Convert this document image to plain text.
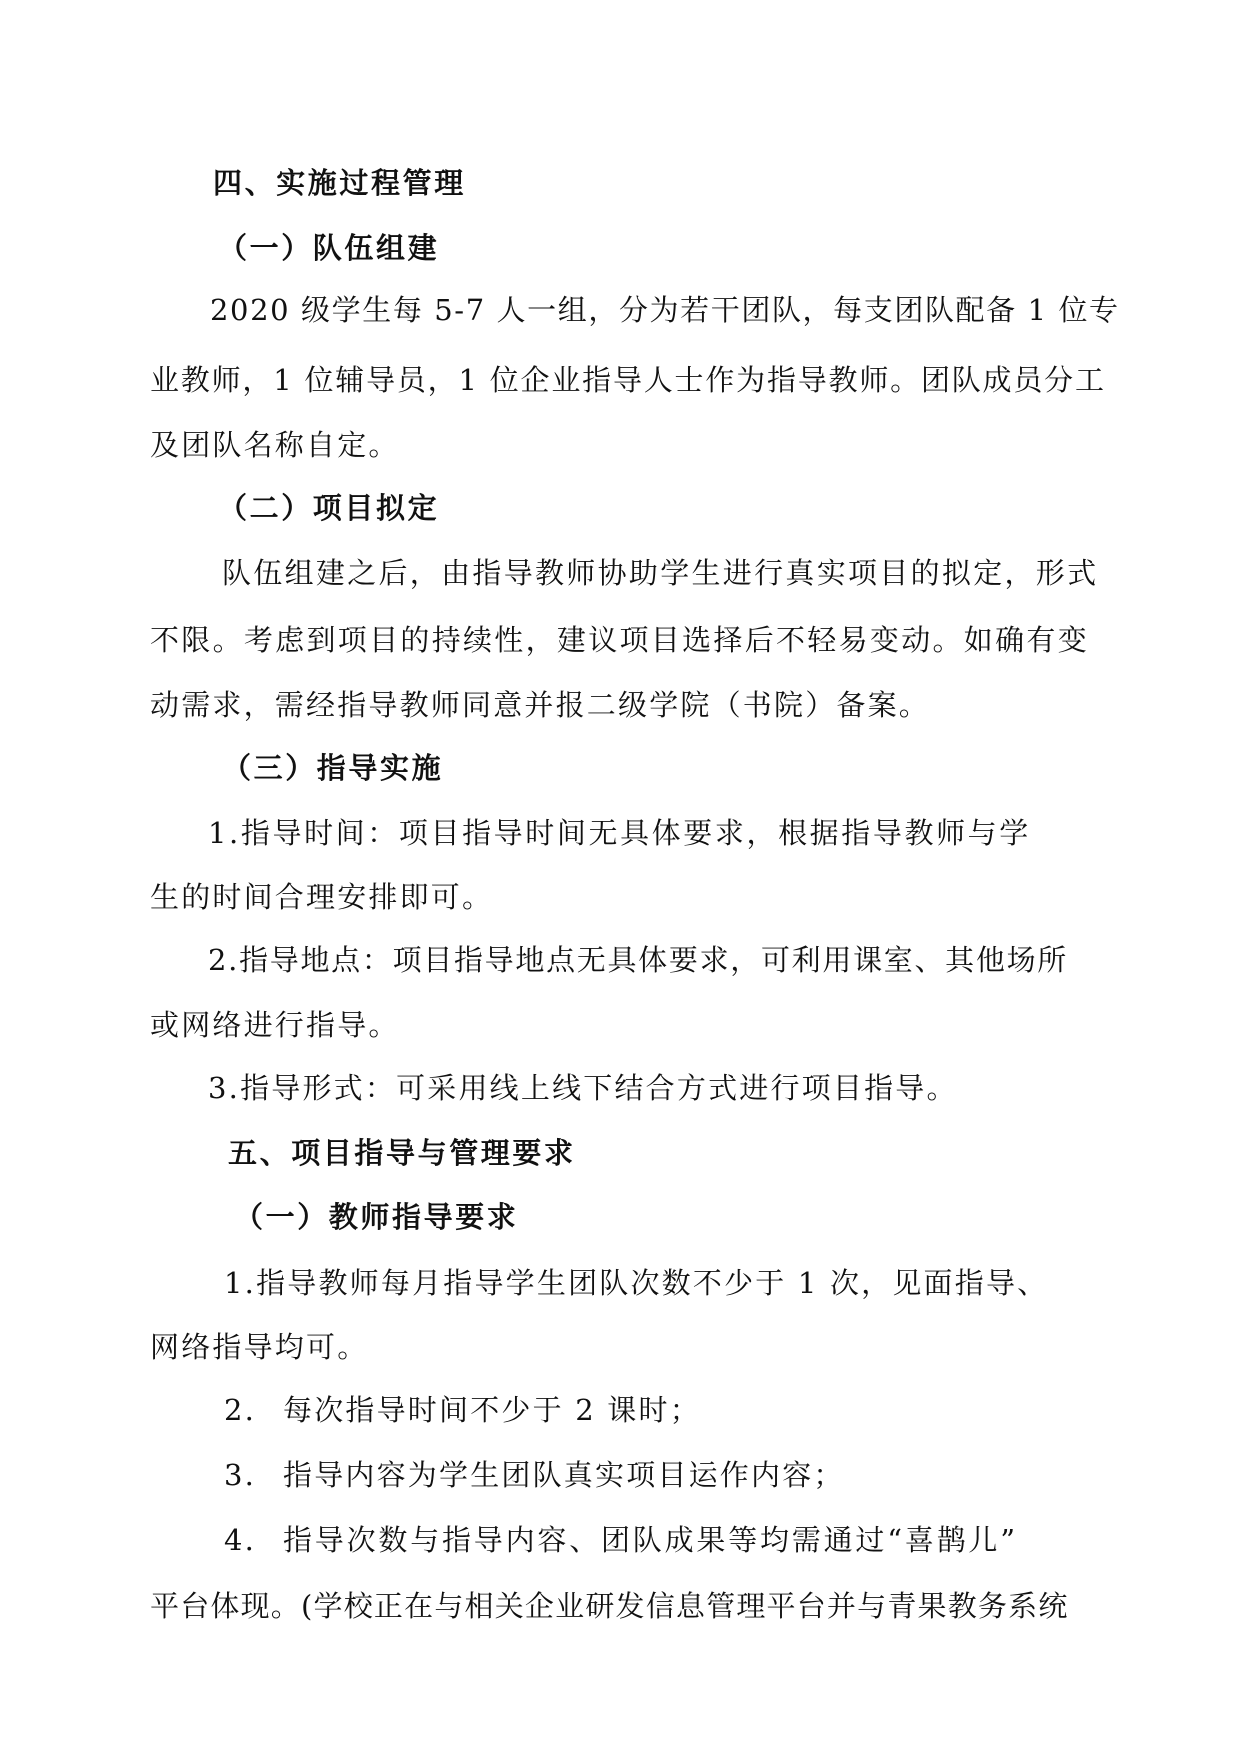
四、实施过程管理
（一）队伍组建
2020 级学生每 5-7 人一组，分为若干团队，每支团队配备 1 位专
业教师，1 位辅导员，1 位企业指导人士作为指导教师。团队成员分工
及团队名称自定。
（二）项目拟定
队伍组建之后，由指导教师协助学生进行真实项目的拟定，形式
不限。考虑到项目的持续性，建议项目选择后不轻易变动。如确有变
动需求，需经指导教师同意并报二级学院（书院）备案。
（三）指导实施
1.指导时间：项目指导时间无具体要求，根据指导教师与学
生的时间合理安排即可。
2.指导地点：项目指导地点无具体要求，可利用课室、其他场所
或网络进行指导。
3.指导形式：可采用线上线下结合方式进行项目指导。
五、项目指导与管理要求
（一）教师指导要求
1.指导教师每月指导学生团队次数不少于 1 次，见面指导、
网络指导均可。
2. 每次指导时间不少于 2 课时；
3. 指导内容为学生团队真实项目运作内容；
4. 指导次数与指导内容、团队成果等均需通过“喜鹊儿”
平台体现。(学校正在与相关企业研发信息管理平台并与青果教务系统
